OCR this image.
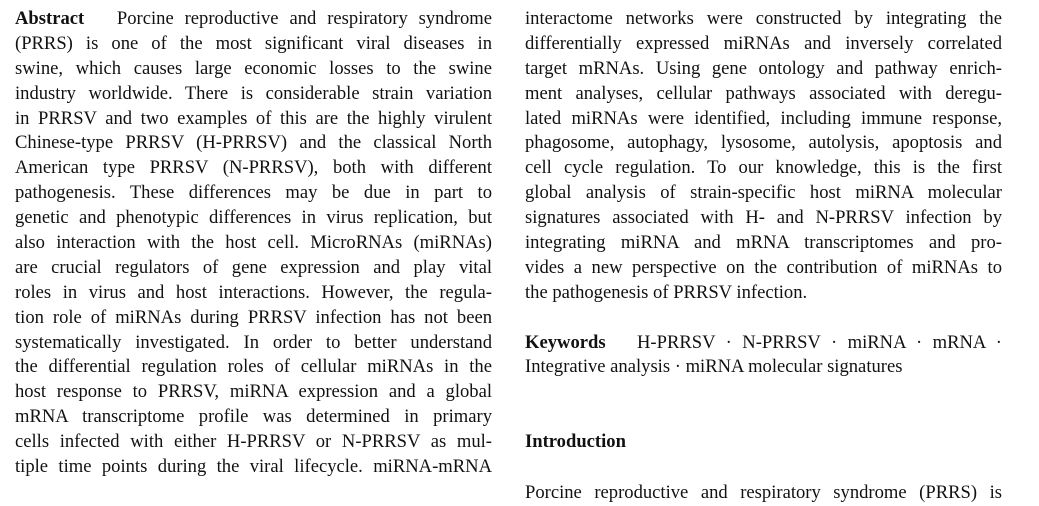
Abstract Porcine reproductive and respiratory syndrome
(PRRS) is one of the most significant viral diseases in
swine, which causes large economic losses to the swine
industry worldwide. There is considerable strain variation
in PRRSV and two examples of this are the highly virulent
Chinese-type PRRSV (H-PRRSV) and the classical North
American type PRRSV (N-PRRSV), both with different
pathogenesis. These differences may be due in part to
genetic and phenotypic differences in virus replication, but
also interaction with the host cell. MicroRNAs (miRNAs)
are crucial regulators of gene expression and play vital
roles in virus and host interactions. However, the regula-
tion role of miRNAs during PRRSV infection has not been
systematically investigated. In order to better understand
the differential regulation roles of cellular miRNAs in the
host response to PRRSV, miRNA expression and a global
mRNA transcriptome profile was determined in primary
cells infected with either H-PRRSV or N-PRRSV as mul-
tiple time points during the viral lifecycle. miRNA-mRNA
interactome networks were constructed by integrating the
differentially expressed miRNAs and inversely correlated
target mRNAs. Using gene ontology and pathway enrich-
ment analyses, cellular pathways associated with deregu-
lated miRNAs were identified, including immune response,
phagosome, autophagy, lysosome, autolysis, apoptosis and
cell cycle regulation. To our knowledge, this is the first
global analysis of strain-specific host miRNA molecular
signatures associated with H- and N-PRRSV infection by
integrating miRNA and mRNA transcriptomes and pro-
vides a new perspective on the contribution of miRNAs to
the pathogenesis of PRRSV infection.
Keywords H-PRRSV · N-PRRSV · miRNA · mRNA ·
Integrative analysis · miRNA molecular signatures
Introduction
Porcine reproductive and respiratory syndrome (PRRS) is
